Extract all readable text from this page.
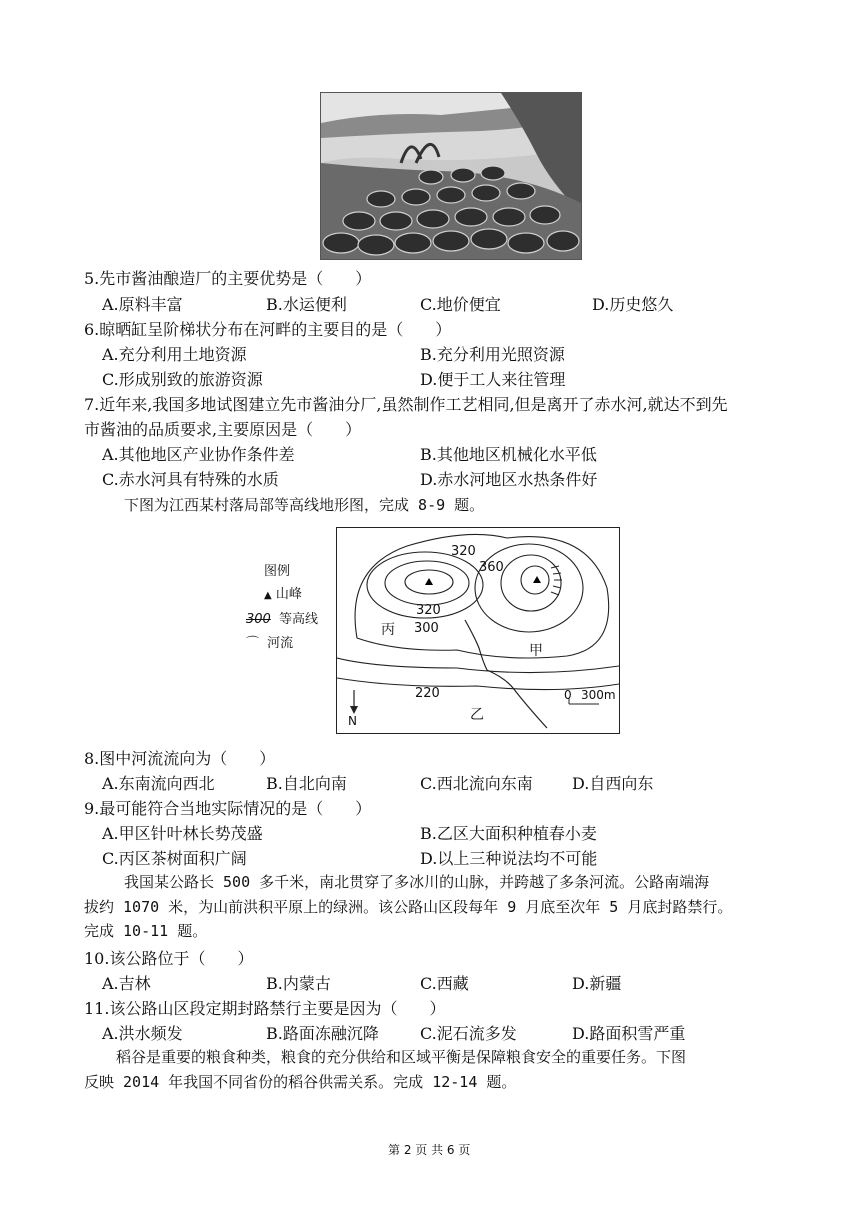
5.先市酱油酿造厂的主要优势是（　　）
A.原料丰富	B.水运便利	C.地价便宜	D.历史悠久
6.晾晒缸呈阶梯状分布在河畔的主要目的是（　　）
A.充分利用土地资源	B.充分利用光照资源
C.形成别致的旅游资源	D.便于工人来往管理
7.近年来,我国多地试图建立先市酱油分厂,虽然制作工艺相同,但是离开了赤水河,就达不到先
市酱油的品质要求,主要原因是（　　）
A.其他地区产业协作条件差	B.其他地区机械化水平低
C.赤水河具有特殊的水质	D.赤水河地区水热条件好
下图为江西某村落局部等高线地形图，完成 8-9 题。
图例
▲ 山峰
300 等高线
⌒ 河流
320
360
320
300
丙
甲
220
乙
0 300m
N
8.图中河流流向为（　　）
A.东南流向西北	B.自北向南	C.西北流向东南 D.自西向东
9.最可能符合当地实际情况的是（　　）
A.甲区针叶林长势茂盛	B.乙区大面积种植春小麦
C.丙区茶树面积广阔	D.以上三种说法均不可能
我国某公路长 500 多千米，南北贯穿了多冰川的山脉，并跨越了多条河流。公路南端海
拔约 1070 米，为山前洪积平原上的绿洲。该公路山区段每年 9 月底至次年 5 月底封路禁行。
完成 10-11 题。
10.该公路位于（　　）
A.吉林	B.内蒙古	C.西藏	D.新疆
11.该公路山区段定期封路禁行主要是因为（　　）
A.洪水频发	B.路面冻融沉降	C.泥石流多发	D.路面积雪严重
稻谷是重要的粮食种类，粮食的充分供给和区域平衡是保障粮食安全的重要任务。下图
反映 2014 年我国不同省份的稻谷供需关系。完成 12-14 题。
第 2 页 共 6 页
